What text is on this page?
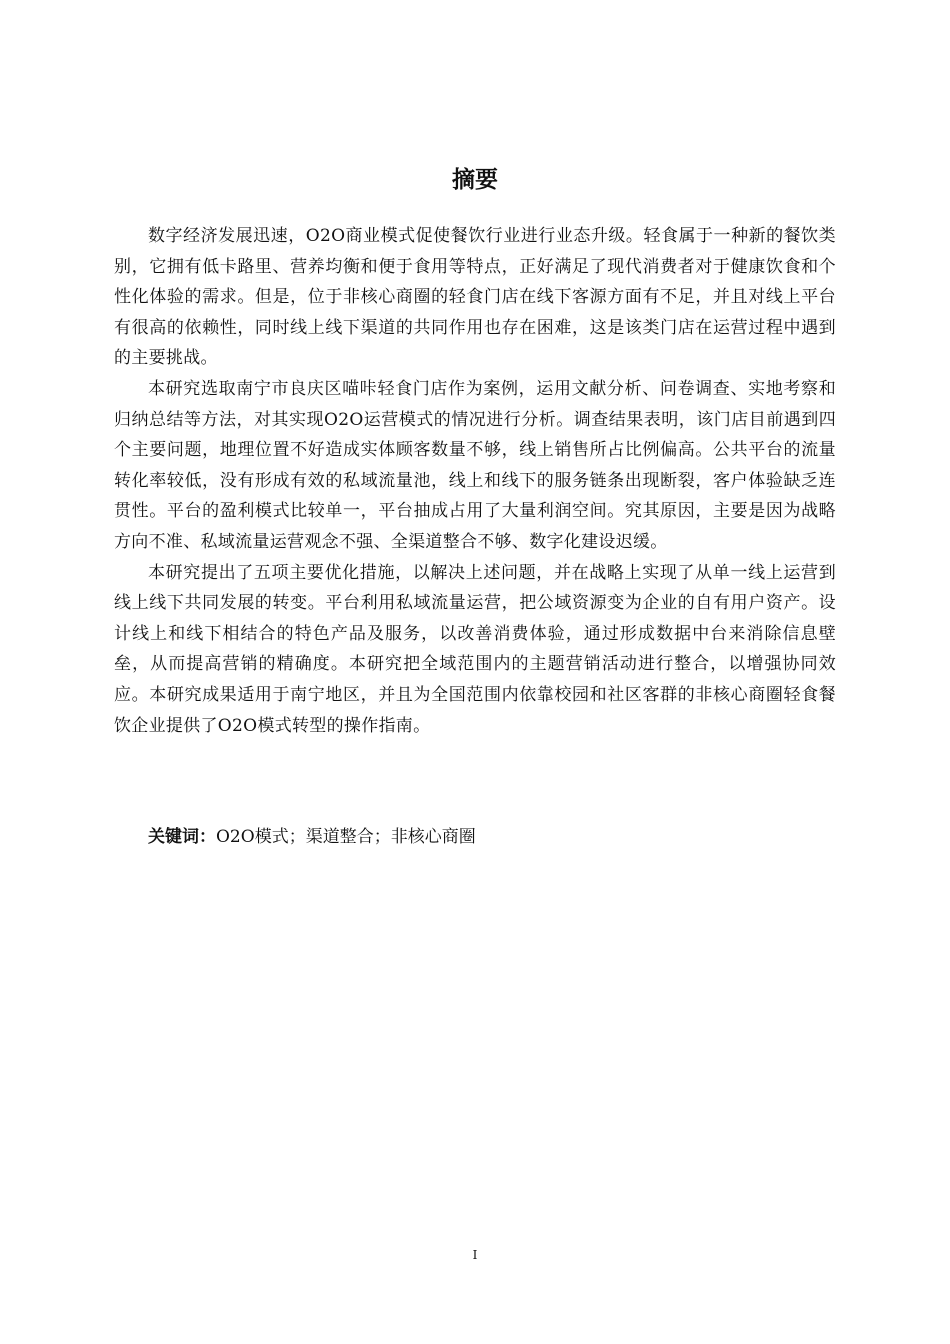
摘要

数字经济发展迅速，O2O商业模式促使餐饮行业进行业态升级。轻食属于一种新的餐饮类别，它拥有低卡路里、营养均衡和便于食用等特点，正好满足了现代消费者对于健康饮食和个性化体验的需求。但是，位于非核心商圈的轻食门店在线下客源方面有不足，并且对线上平台有很高的依赖性，同时线上线下渠道的共同作用也存在困难，这是该类门店在运营过程中遇到的主要挑战。

本研究选取南宁市良庆区喵咔轻食门店作为案例，运用文献分析、问卷调查、实地考察和归纳总结等方法，对其实现O2O运营模式的情况进行分析。调查结果表明，该门店目前遇到四个主要问题，地理位置不好造成实体顾客数量不够，线上销售所占比例偏高。公共平台的流量转化率较低，没有形成有效的私域流量池，线上和线下的服务链条出现断裂，客户体验缺乏连贯性。平台的盈利模式比较单一，平台抽成占用了大量利润空间。究其原因，主要是因为战略方向不准、私域流量运营观念不强、全渠道整合不够、数字化建设迟缓。

本研究提出了五项主要优化措施，以解决上述问题，并在战略上实现了从单一线上运营到线上线下共同发展的转变。平台利用私域流量运营，把公域资源变为企业的自有用户资产。设计线上和线下相结合的特色产品及服务，以改善消费体验，通过形成数据中台来消除信息壁垒，从而提高营销的精确度。本研究把全域范围内的主题营销活动进行整合，以增强协同效应。本研究成果适用于南宁地区，并且为全国范围内依靠校园和社区客群的非核心商圈轻食餐饮企业提供了O2O模式转型的操作指南。

关键词：O2O模式；渠道整合；非核心商圈

I
